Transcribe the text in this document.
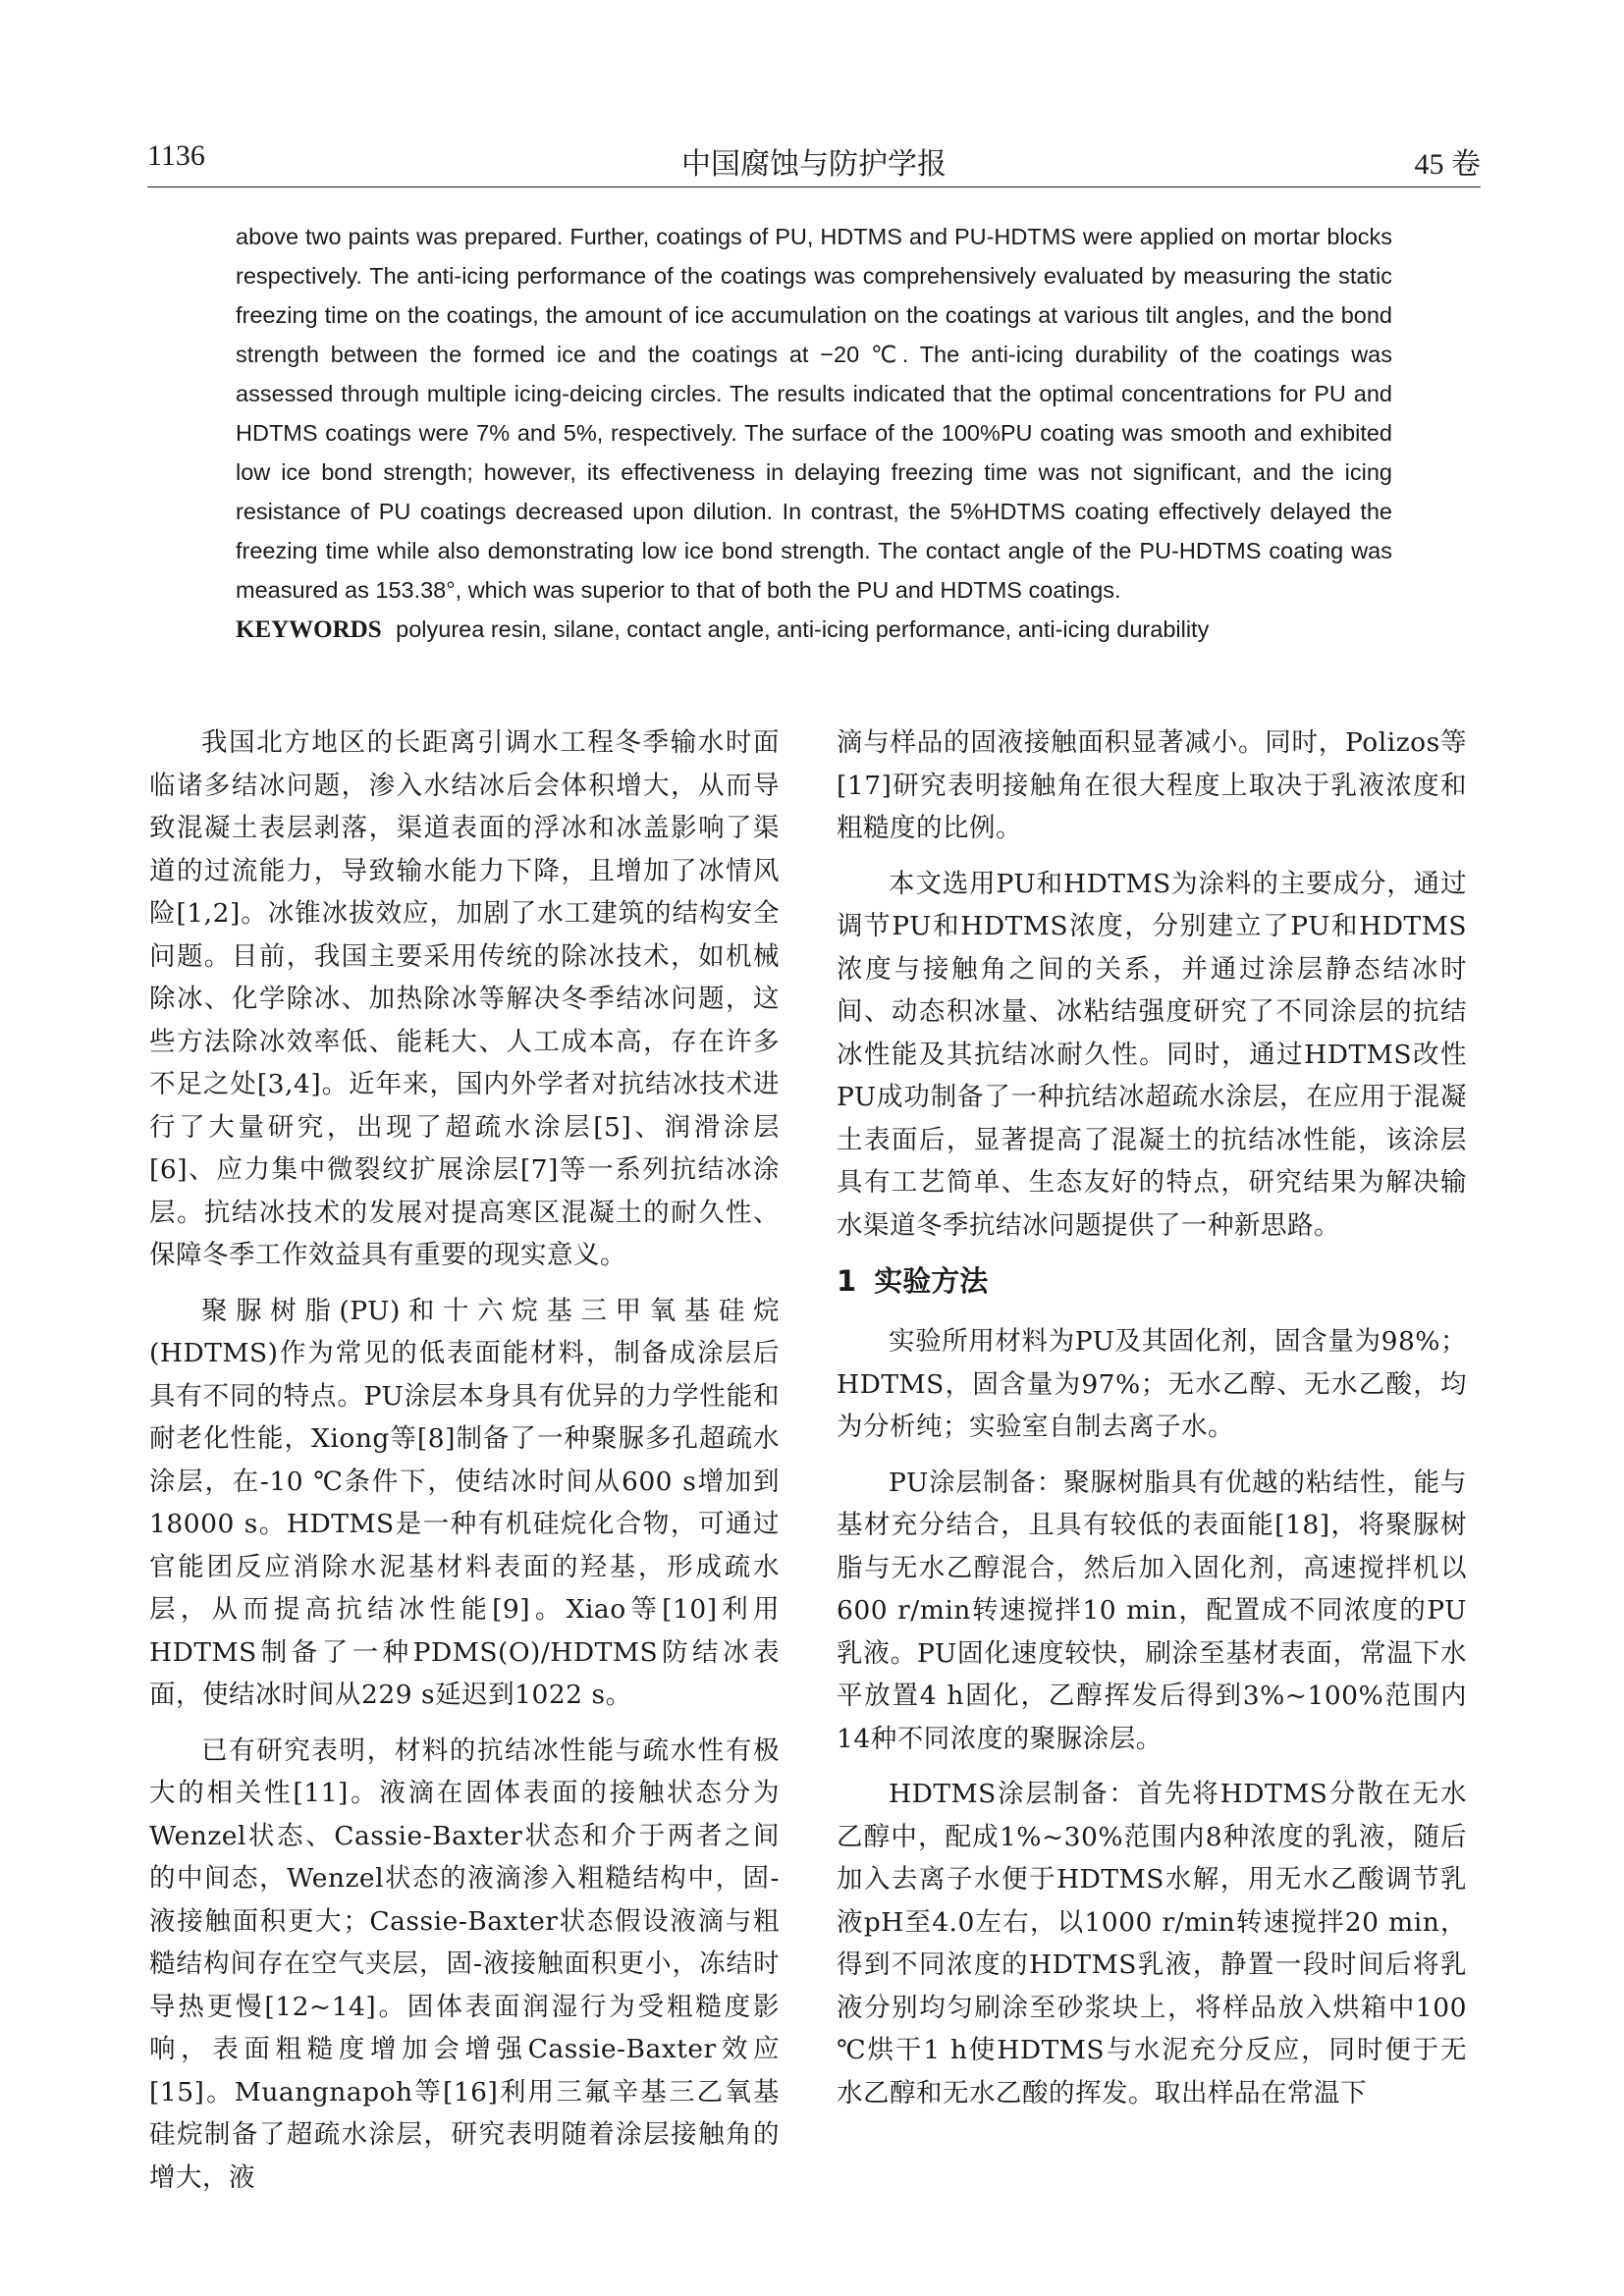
1136	中国腐蚀与防护学报	45 卷

above two paints was prepared. Further, coatings of PU, HDTMS and PU-HDTMS were applied on mortar blocks respectively. The anti-icing performance of the coatings was comprehensively evaluated by measuring the static freezing time on the coatings, the amount of ice accumulation on the coatings at various tilt angles, and the bond strength between the formed ice and the coatings at −20 ℃. The anti-icing durability of the coatings was assessed through multiple icing-deicing circles. The results indicated that the optimal concentrations for PU and HDTMS coatings were 7% and 5%, respectively. The surface of the 100%PU coating was smooth and exhibited low ice bond strength; however, its effectiveness in delaying freezing time was not significant, and the icing resistance of PU coatings decreased upon dilution. In contrast, the 5%HDTMS coating effectively delayed the freezing time while also demonstrating low ice bond strength. The contact angle of the PU-HDTMS coating was measured as 153.38°, which was superior to that of both the PU and HDTMS coatings.

KEYWORDS polyurea resin, silane, contact angle, anti-icing performance, anti-icing durability

我国北方地区的长距离引调水工程冬季输水时面临诸多结冰问题，渗入水结冰后会体积增大，从而导致混凝土表层剥落，渠道表面的浮冰和冰盖影响了渠道的过流能力，导致输水能力下降，且增加了冰情风险[1,2]。冰锥冰拔效应，加剧了水工建筑的结构安全问题。目前，我国主要采用传统的除冰技术，如机械除冰、化学除冰、加热除冰等解决冬季结冰问题，这些方法除冰效率低、能耗大、人工成本高，存在许多不足之处[3,4]。近年来，国内外学者对抗结冰技术进行了大量研究，出现了超疏水涂层[5]、润滑涂层[6]、应力集中微裂纹扩展涂层[7]等一系列抗结冰涂层。抗结冰技术的发展对提高寒区混凝土的耐久性、保障冬季工作效益具有重要的现实意义。

聚脲树脂(PU)和十六烷基三甲氧基硅烷(HDTMS)作为常见的低表面能材料，制备成涂层后具有不同的特点。PU涂层本身具有优异的力学性能和耐老化性能，Xiong等[8]制备了一种聚脲多孔超疏水涂层，在-10 ℃条件下，使结冰时间从600 s增加到18000 s。HDTMS是一种有机硅烷化合物，可通过官能团反应消除水泥基材料表面的羟基，形成疏水层，从而提高抗结冰性能[9]。Xiao等[10]利用HDTMS制备了一种PDMS(O)/HDTMS防结冰表面，使结冰时间从229 s延迟到1022 s。

已有研究表明，材料的抗结冰性能与疏水性有极大的相关性[11]。液滴在固体表面的接触状态分为Wenzel状态、Cassie-Baxter状态和介于两者之间的中间态，Wenzel状态的液滴渗入粗糙结构中，固-液接触面积更大；Cassie-Baxter状态假设液滴与粗糙结构间存在空气夹层，固-液接触面积更小，冻结时导热更慢[12~14]。固体表面润湿行为受粗糙度影响，表面粗糙度增加会增强Cassie-Baxter效应[15]。Muangnapoh等[16]利用三氟辛基三乙氧基硅烷制备了超疏水涂层，研究表明随着涂层接触角的增大，液

滴与样品的固液接触面积显著减小。同时，Polizos等[17]研究表明接触角在很大程度上取决于乳液浓度和粗糙度的比例。

本文选用PU和HDTMS为涂料的主要成分，通过调节PU和HDTMS浓度，分别建立了PU和HDTMS浓度与接触角之间的关系，并通过涂层静态结冰时间、动态积冰量、冰粘结强度研究了不同涂层的抗结冰性能及其抗结冰耐久性。同时，通过HDTMS改性PU成功制备了一种抗结冰超疏水涂层，在应用于混凝土表面后，显著提高了混凝土的抗结冰性能，该涂层具有工艺简单、生态友好的特点，研究结果为解决输水渠道冬季抗结冰问题提供了一种新思路。

1 实验方法

实验所用材料为PU及其固化剂，固含量为98%；HDTMS，固含量为97%；无水乙醇、无水乙酸，均为分析纯；实验室自制去离子水。

PU涂层制备：聚脲树脂具有优越的粘结性，能与基材充分结合，且具有较低的表面能[18]，将聚脲树脂与无水乙醇混合，然后加入固化剂，高速搅拌机以600 r/min转速搅拌10 min，配置成不同浓度的PU乳液。PU固化速度较快，刷涂至基材表面，常温下水平放置4 h固化，乙醇挥发后得到3%~100%范围内14种不同浓度的聚脲涂层。

HDTMS涂层制备：首先将HDTMS分散在无水乙醇中，配成1%~30%范围内8种浓度的乳液，随后加入去离子水便于HDTMS水解，用无水乙酸调节乳液pH至4.0左右，以1000 r/min转速搅拌20 min，得到不同浓度的HDTMS乳液，静置一段时间后将乳液分别均匀刷涂至砂浆块上，将样品放入烘箱中100 ℃烘干1 h使HDTMS与水泥充分反应，同时便于无水乙醇和无水乙酸的挥发。取出样品在常温下
